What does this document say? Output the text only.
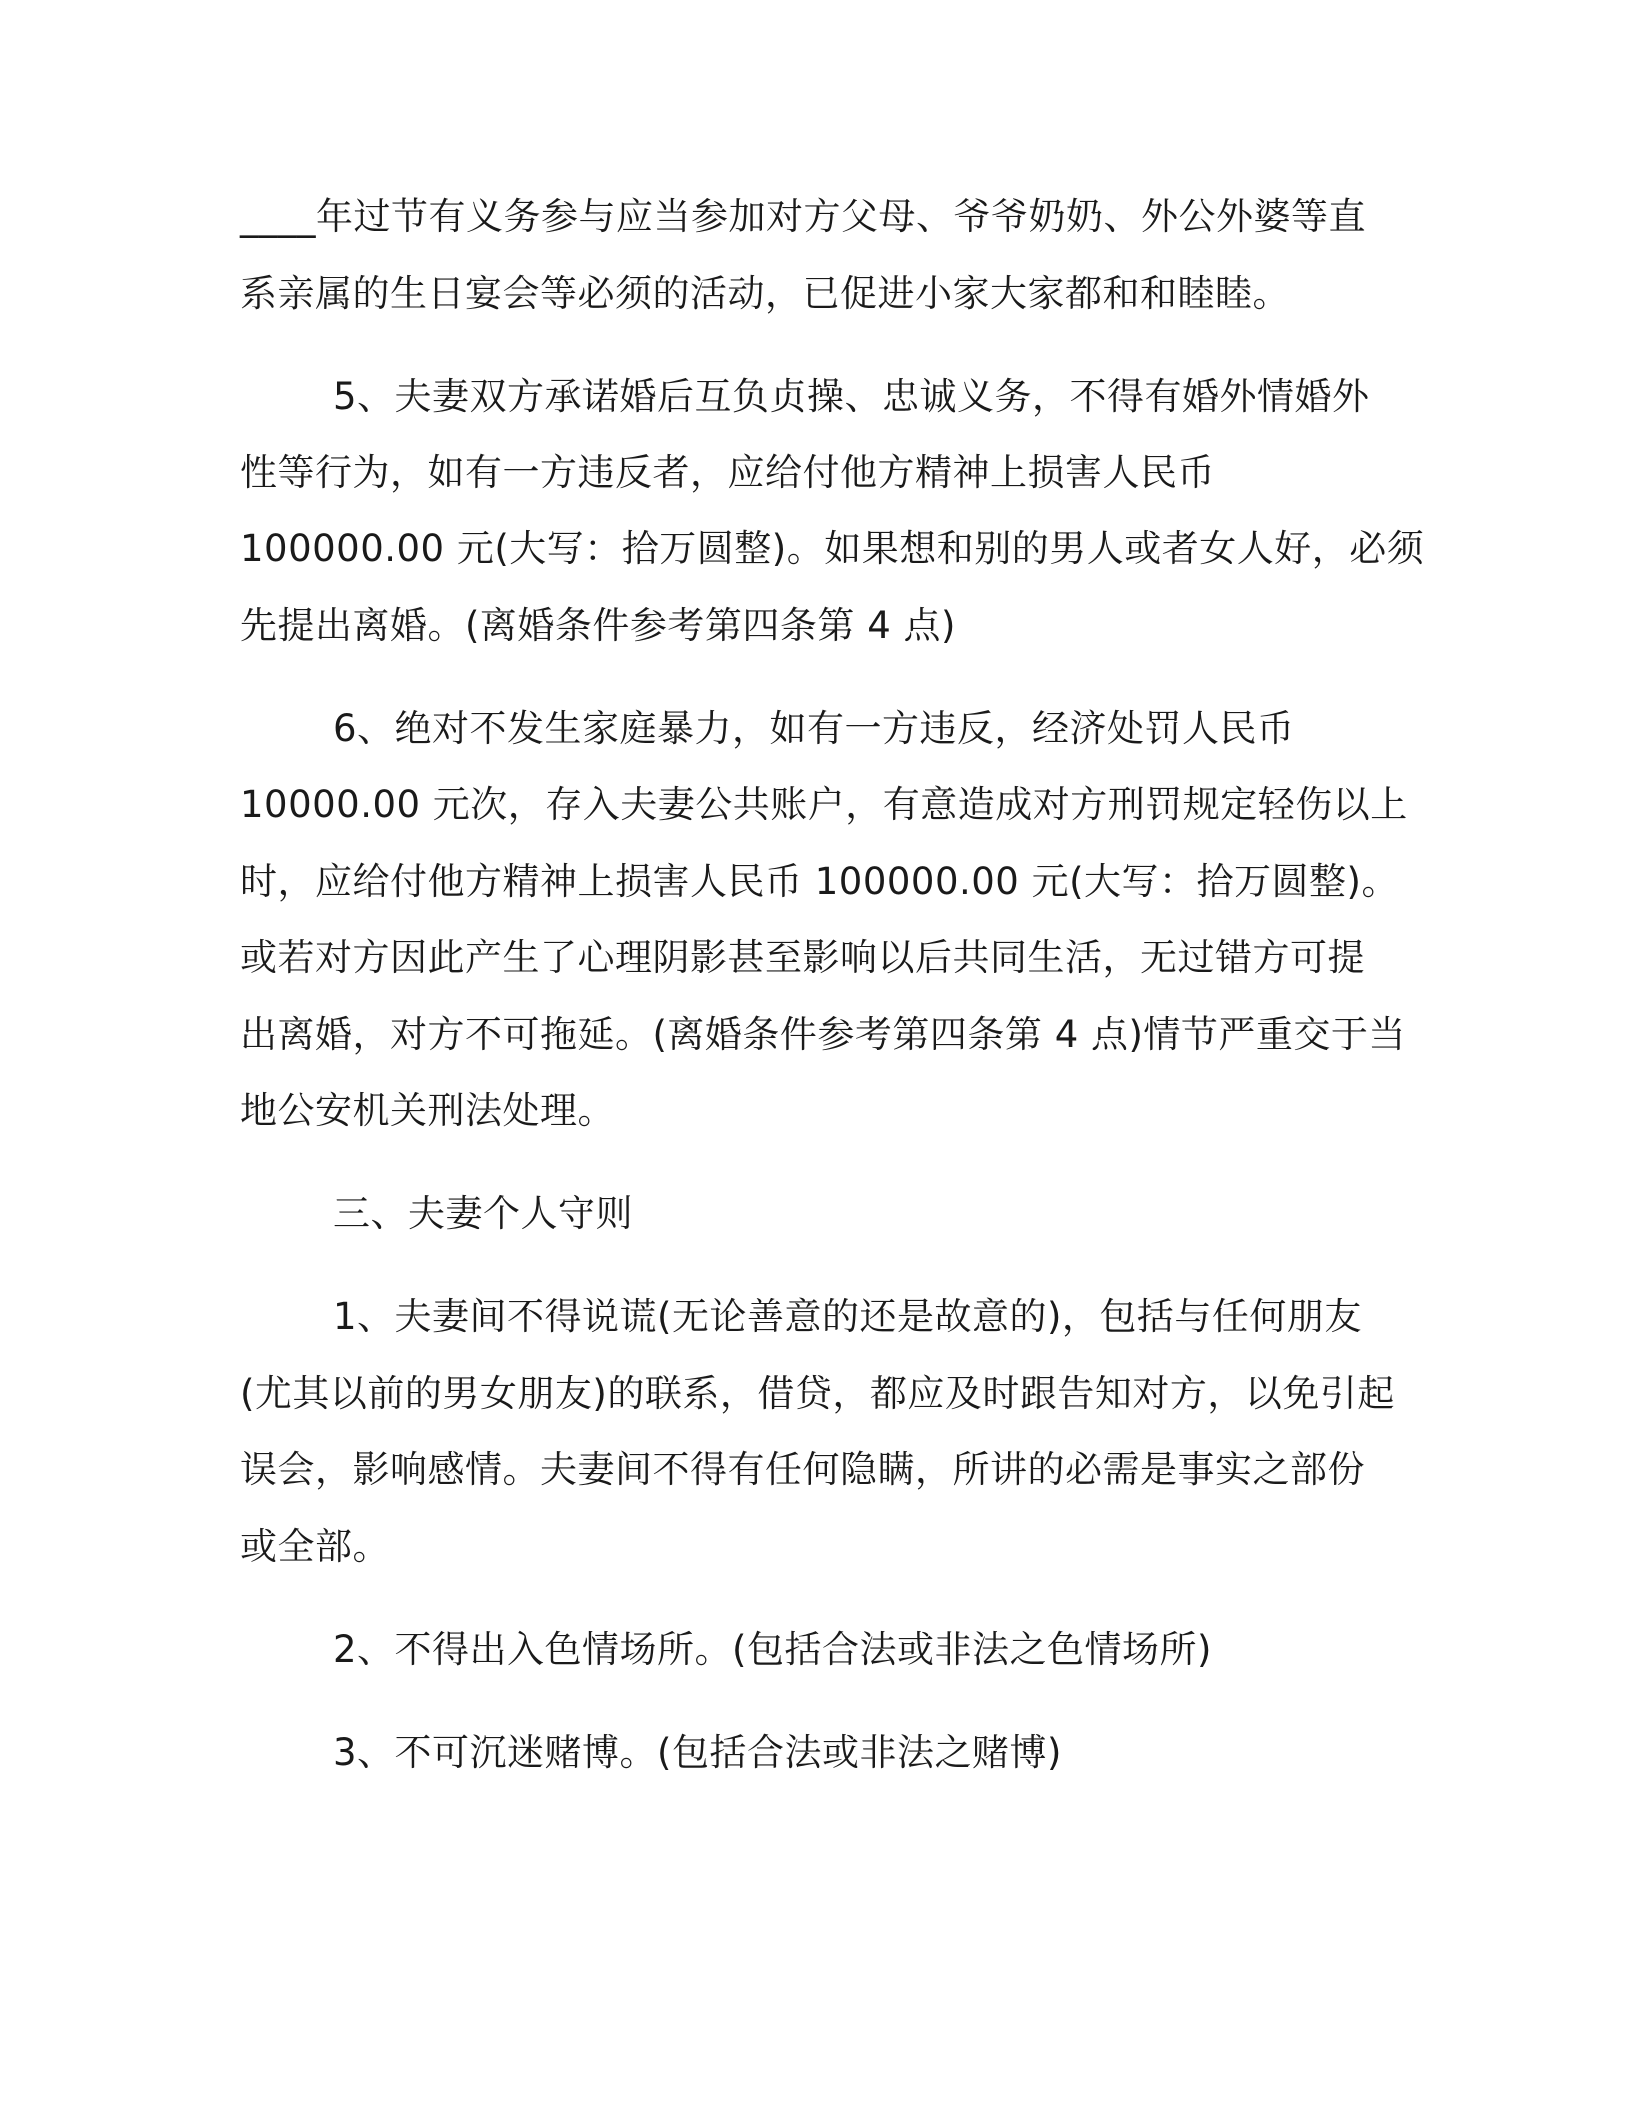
____年过节有义务参与应当参加对方父母、爷爷奶奶、外公外婆等直
系亲属的生日宴会等必须的活动，已促进小家大家都和和睦睦。
5、夫妻双方承诺婚后互负贞操、忠诚义务，不得有婚外情婚外
性等行为，如有一方违反者，应给付他方精神上损害人民币
100000.00 元(大写：拾万圆整)。如果想和别的男人或者女人好，必须
先提出离婚。(离婚条件参考第四条第 4 点)
6、绝对不发生家庭暴力，如有一方违反，经济处罚人民币
10000.00 元次，存入夫妻公共账户，有意造成对方刑罚规定轻伤以上
时，应给付他方精神上损害人民币 100000.00 元(大写：拾万圆整)。
或若对方因此产生了心理阴影甚至影响以后共同生活，无过错方可提
出离婚，对方不可拖延。(离婚条件参考第四条第 4 点)情节严重交于当
地公安机关刑法处理。
三、夫妻个人守则
1、夫妻间不得说谎(无论善意的还是故意的)，包括与任何朋友
(尤其以前的男女朋友)的联系，借贷，都应及时跟告知对方，以免引起
误会，影响感情。夫妻间不得有任何隐瞒，所讲的必需是事实之部份
或全部。
2、不得出入色情场所。(包括合法或非法之色情场所)
3、不可沉迷赌博。(包括合法或非法之赌博)
